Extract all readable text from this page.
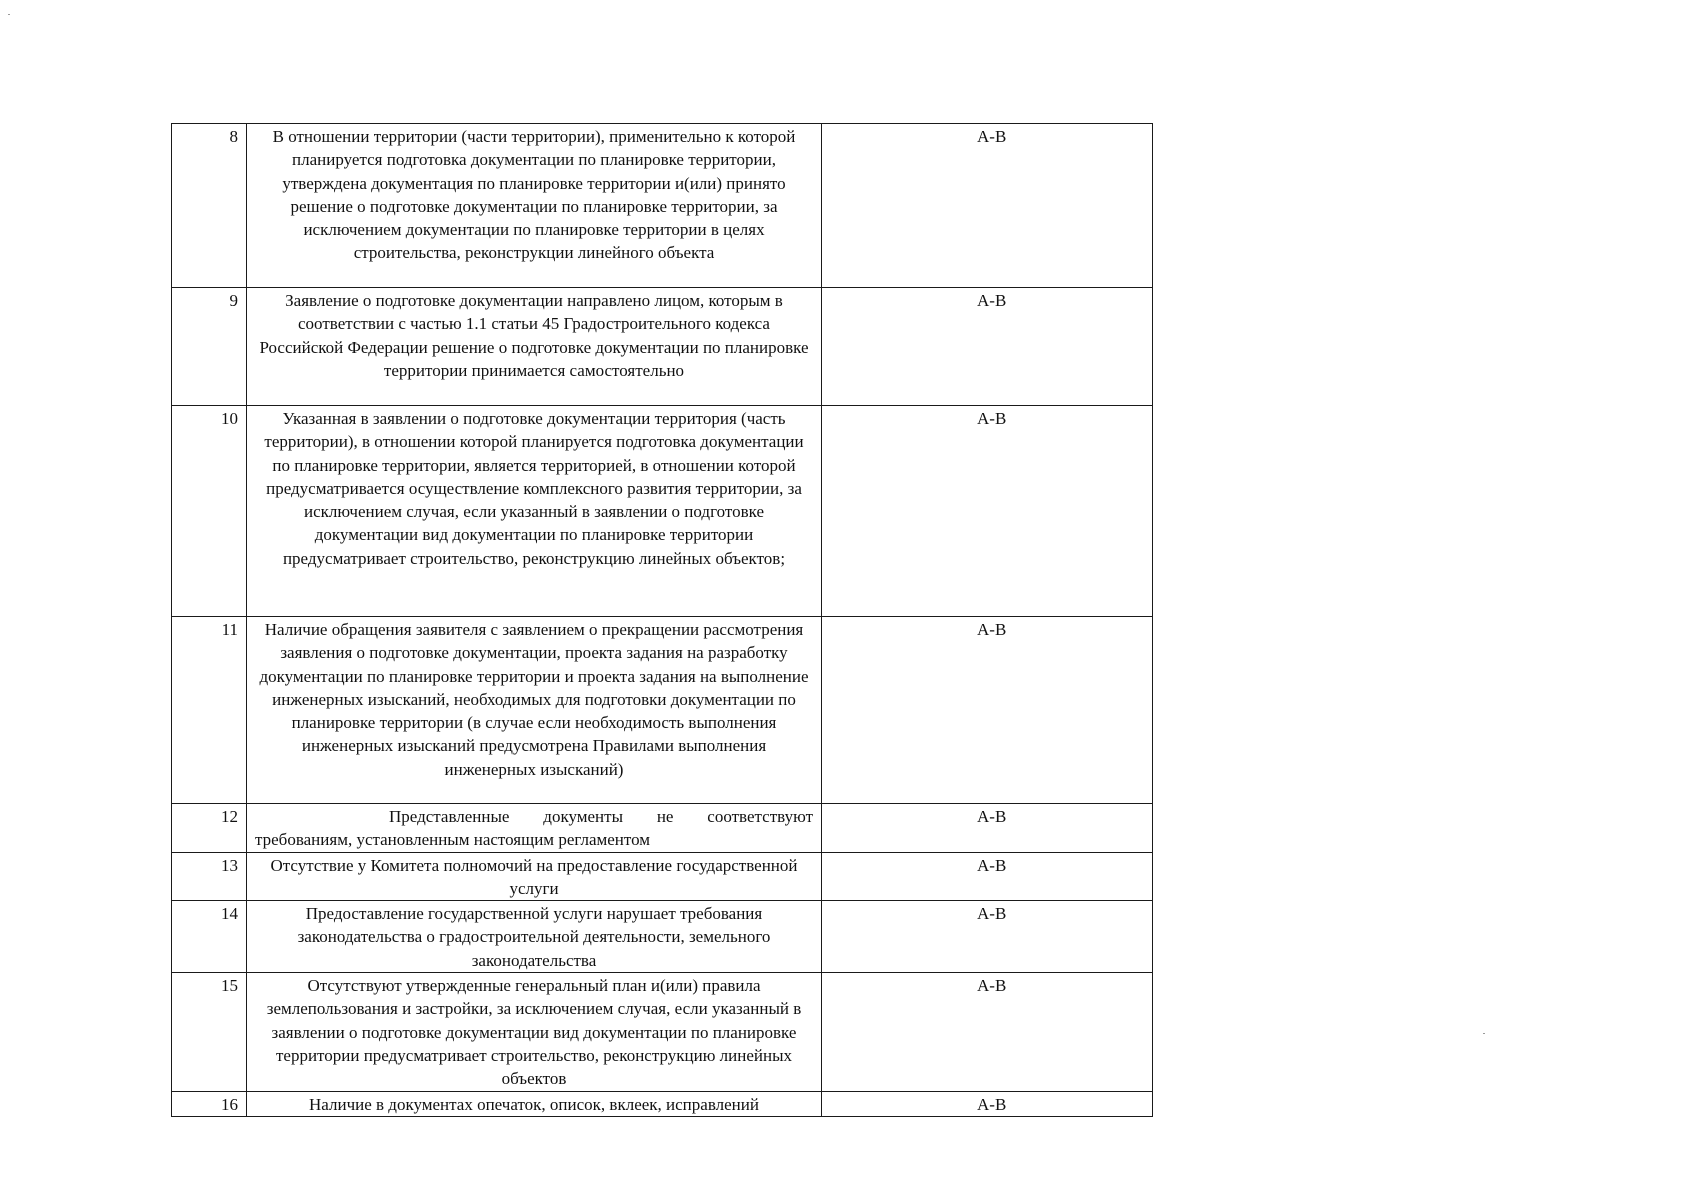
8	В отношении территории (части территории), применительно к которой планируется подготовка документации по планировке территории, утверждена документация по планировке территории и(или) принято решение о подготовке документации по планировке территории, за исключением документации по планировке территории в целях строительства, реконструкции линейного объекта	А-В
9	Заявление о подготовке документации направлено лицом, которым в соответствии с частью 1.1 статьи 45 Градостроительного кодекса Российской Федерации решение о подготовке документации по планировке территории принимается самостоятельно	А-В
10	Указанная в заявлении о подготовке документации территория (часть территории), в отношении которой планируется подготовка документации по планировке территории, является территорией, в отношении которой предусматривается осуществление комплексного развития территории, за исключением случая, если указанный в заявлении о подготовке документации вид документации по планировке территории предусматривает строительство, реконструкцию линейных объектов;	А-В
11	Наличие обращения заявителя с заявлением о прекращении рассмотрения заявления о подготовке документации, проекта задания на разработку документации по планировке территории и проекта задания на выполнение инженерных изысканий, необходимых для подготовки документации по планировке территории (в случае если необходимость выполнения инженерных изысканий предусмотрена Правилами выполнения инженерных изысканий)	А-В
12	Представленные документы не соответствуют требованиям, установленным настоящим регламентом	А-В
13	Отсутствие у Комитета полномочий на предоставление государственной услуги	А-В
14	Предоставление государственной услуги нарушает требования законодательства о градостроительной деятельности, земельного законодательства	А-В
15	Отсутствуют утвержденные генеральный план и(или) правила землепользования и застройки, за исключением случая, если указанный в заявлении о подготовке документации вид документации по планировке территории предусматривает строительство, реконструкцию линейных объектов	А-В
16	Наличие в документах опечаток, описок, вклеек, исправлений	А-В
